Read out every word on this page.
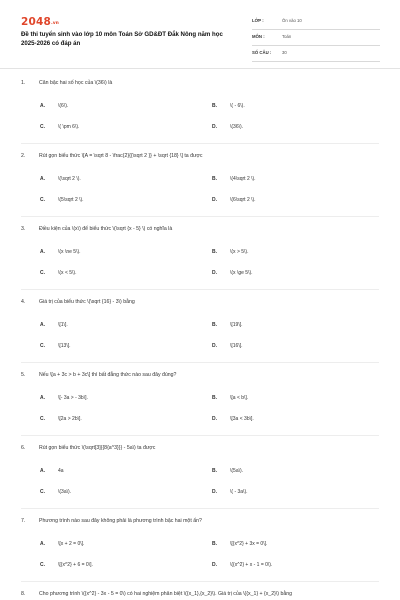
2048.vn
Đề thi tuyển sinh vào lớp 10 môn Toán Sở GD&ĐT Đắk Nông năm học 2025-2026 có đáp án
LỚP :	Ôn vào 10
MÔN :	Toán
SỐ CÂU : 30
1.	Căn bậc hai số học của \(36\) là
A.	\(6\).	B.	\( - 6\).
C.	\( \pm 6\).	D.	\(36\).
2.	Rút gọn biểu thức \[A = \sqrt 8 - \frac{2}{{\sqrt 2 }} + \sqrt {18} \] ta được
A.	\(\sqrt 2 \).	B.	\(4\sqrt 2 \).
C.	\(5\sqrt 2 \).	D.	\(6\sqrt 2 \).
3.	Điều kiện của \(x\) để biểu thức \(\sqrt {x - 5} \) có nghĩa là
A.	\(x \ne 5\).	B.	\(x > 5\).
C.	\(x < 5\).	D.	\(x \ge 5\).
4.	Giá trị của biểu thức \(\sqrt {16} - 3\) bằng
A.	\[1\].	B.	\[19\].
C.	\[13\].	D.	\[16\].
5.	Nếu \[a + 3c > b + 3c\] thì bất đẳng thức nào sau đây đúng?
A.	\[- 3a > - 3b\].	B.	\[a < b\].
C.	\[2a > 2b\].	D.	\[3a < 3b\].
6.	Rút gọn biểu thức \(\sqrt[3]{{8{a^3}}} - 5a\) ta được
A.	4a	B.	\(5a\).
C.	\(3a\).	D.	\( - 3a\).
7.	Phương trình nào sau đây không phải là phương trình bậc hai một ẩn?
A.	\[x + 2 = 0\].	B.	\[{x^2} + 3x = 0\].
C.	\[{x^2} + 6 = 0\].	D.	\({x^2} + x - 1 = 0\).
8.	Cho phương trình \({x^2} - 3x - 5 = 0\) có hai nghiệm phân biệt \({x_1},{x_2}\). Giá trị của \({x_1} + {x_2}\) bằng
